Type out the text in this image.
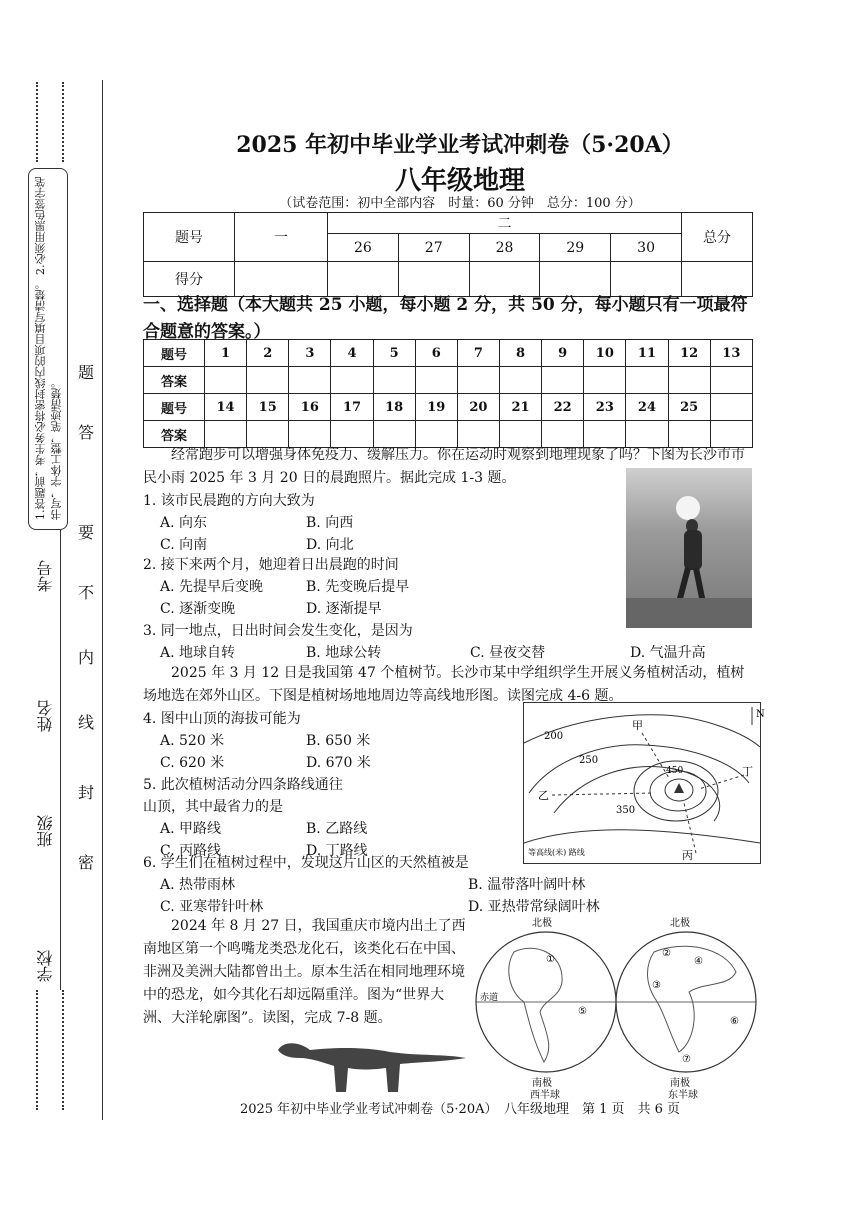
1.答题前，考生务必将密封线内的项目填写清楚。 2.必须用黑色签字笔书写，字体工整，笔迹清楚。
考号
姓名
班级
学校
答
题
要
不
内
线
封
密
2025 年初中毕业学业考试冲刺卷（5·20A）
八年级地理
（试卷范围：初中全部内容　时量：60 分钟　总分：100 分）
题号	一	二					总分
		26	27	28	29	30	
得分							
一、选择题（本大题共 25 小题，每小题 2 分，共 50 分，每小题只有一项最符合题意的答案。）
题号	1	2	3	4	5	6	7	8	9	10	11	12	13
答案													
题号	14	15	16	17	18	19	20	21	22	23	24	25	
答案													
经常跑步可以增强身体免疫力、缓解压力。你在运动时观察到地理现象了吗？下图为长沙市市民小雨 2025 年 3 月 20 日的晨跑照片。据此完成 1-3 题。
1. 该市民晨跑的方向大致为
A. 向东	B. 向西
C. 向南	D. 向北
2. 接下来两个月，她迎着日出晨跑的时间
A. 先提早后变晚	B. 先变晚后提早
C. 逐渐变晚	D. 逐渐提早
3. 同一地点，日出时间会发生变化，是因为
A. 地球自转	B. 地球公转	C. 昼夜交替	D. 气温升高
2025 年 3 月 12 日是我国第 47 个植树节。长沙市某中学组织学生开展义务植树活动，植树场地选在郊外山区。下图是植树场地地周边等高线地形图。读图完成 4-6 题。
4. 图中山顶的海拔可能为
A. 520 米	B. 650 米
C. 620 米	D. 670 米
5. 此次植树活动分四条路线通往
山顶，其中最省力的是
A. 甲路线	B. 乙路线
C. 丙路线	D. 丁路线
200
250
350
450
甲
乙
丙
丁
N
等高线(米) 路线
6. 学生们在植树过程中，发现这片山区的天然植被是
A. 热带雨林	B. 温带落叶阔叶林
C. 亚寒带针叶林	D. 亚热带常绿阔叶林
2024 年 8 月 27 日，我国重庆市境内出土了西南地区第一个鸣嘴龙类恐龙化石，该类化石在中国、非洲及美洲大陆都曾出土。原本生活在相同地理环境中的恐龙，如今其化石却远隔重洋。图为“世界大洲、大洋轮廓图”。读图，完成 7-8 题。
北极	北极
南极	南极
西半球	东半球
赤道
①
②
③
④
⑤
⑥
⑦
2025 年初中毕业学业考试冲刺卷（5·20A）　八年级地理　第 1 页　共 6 页
